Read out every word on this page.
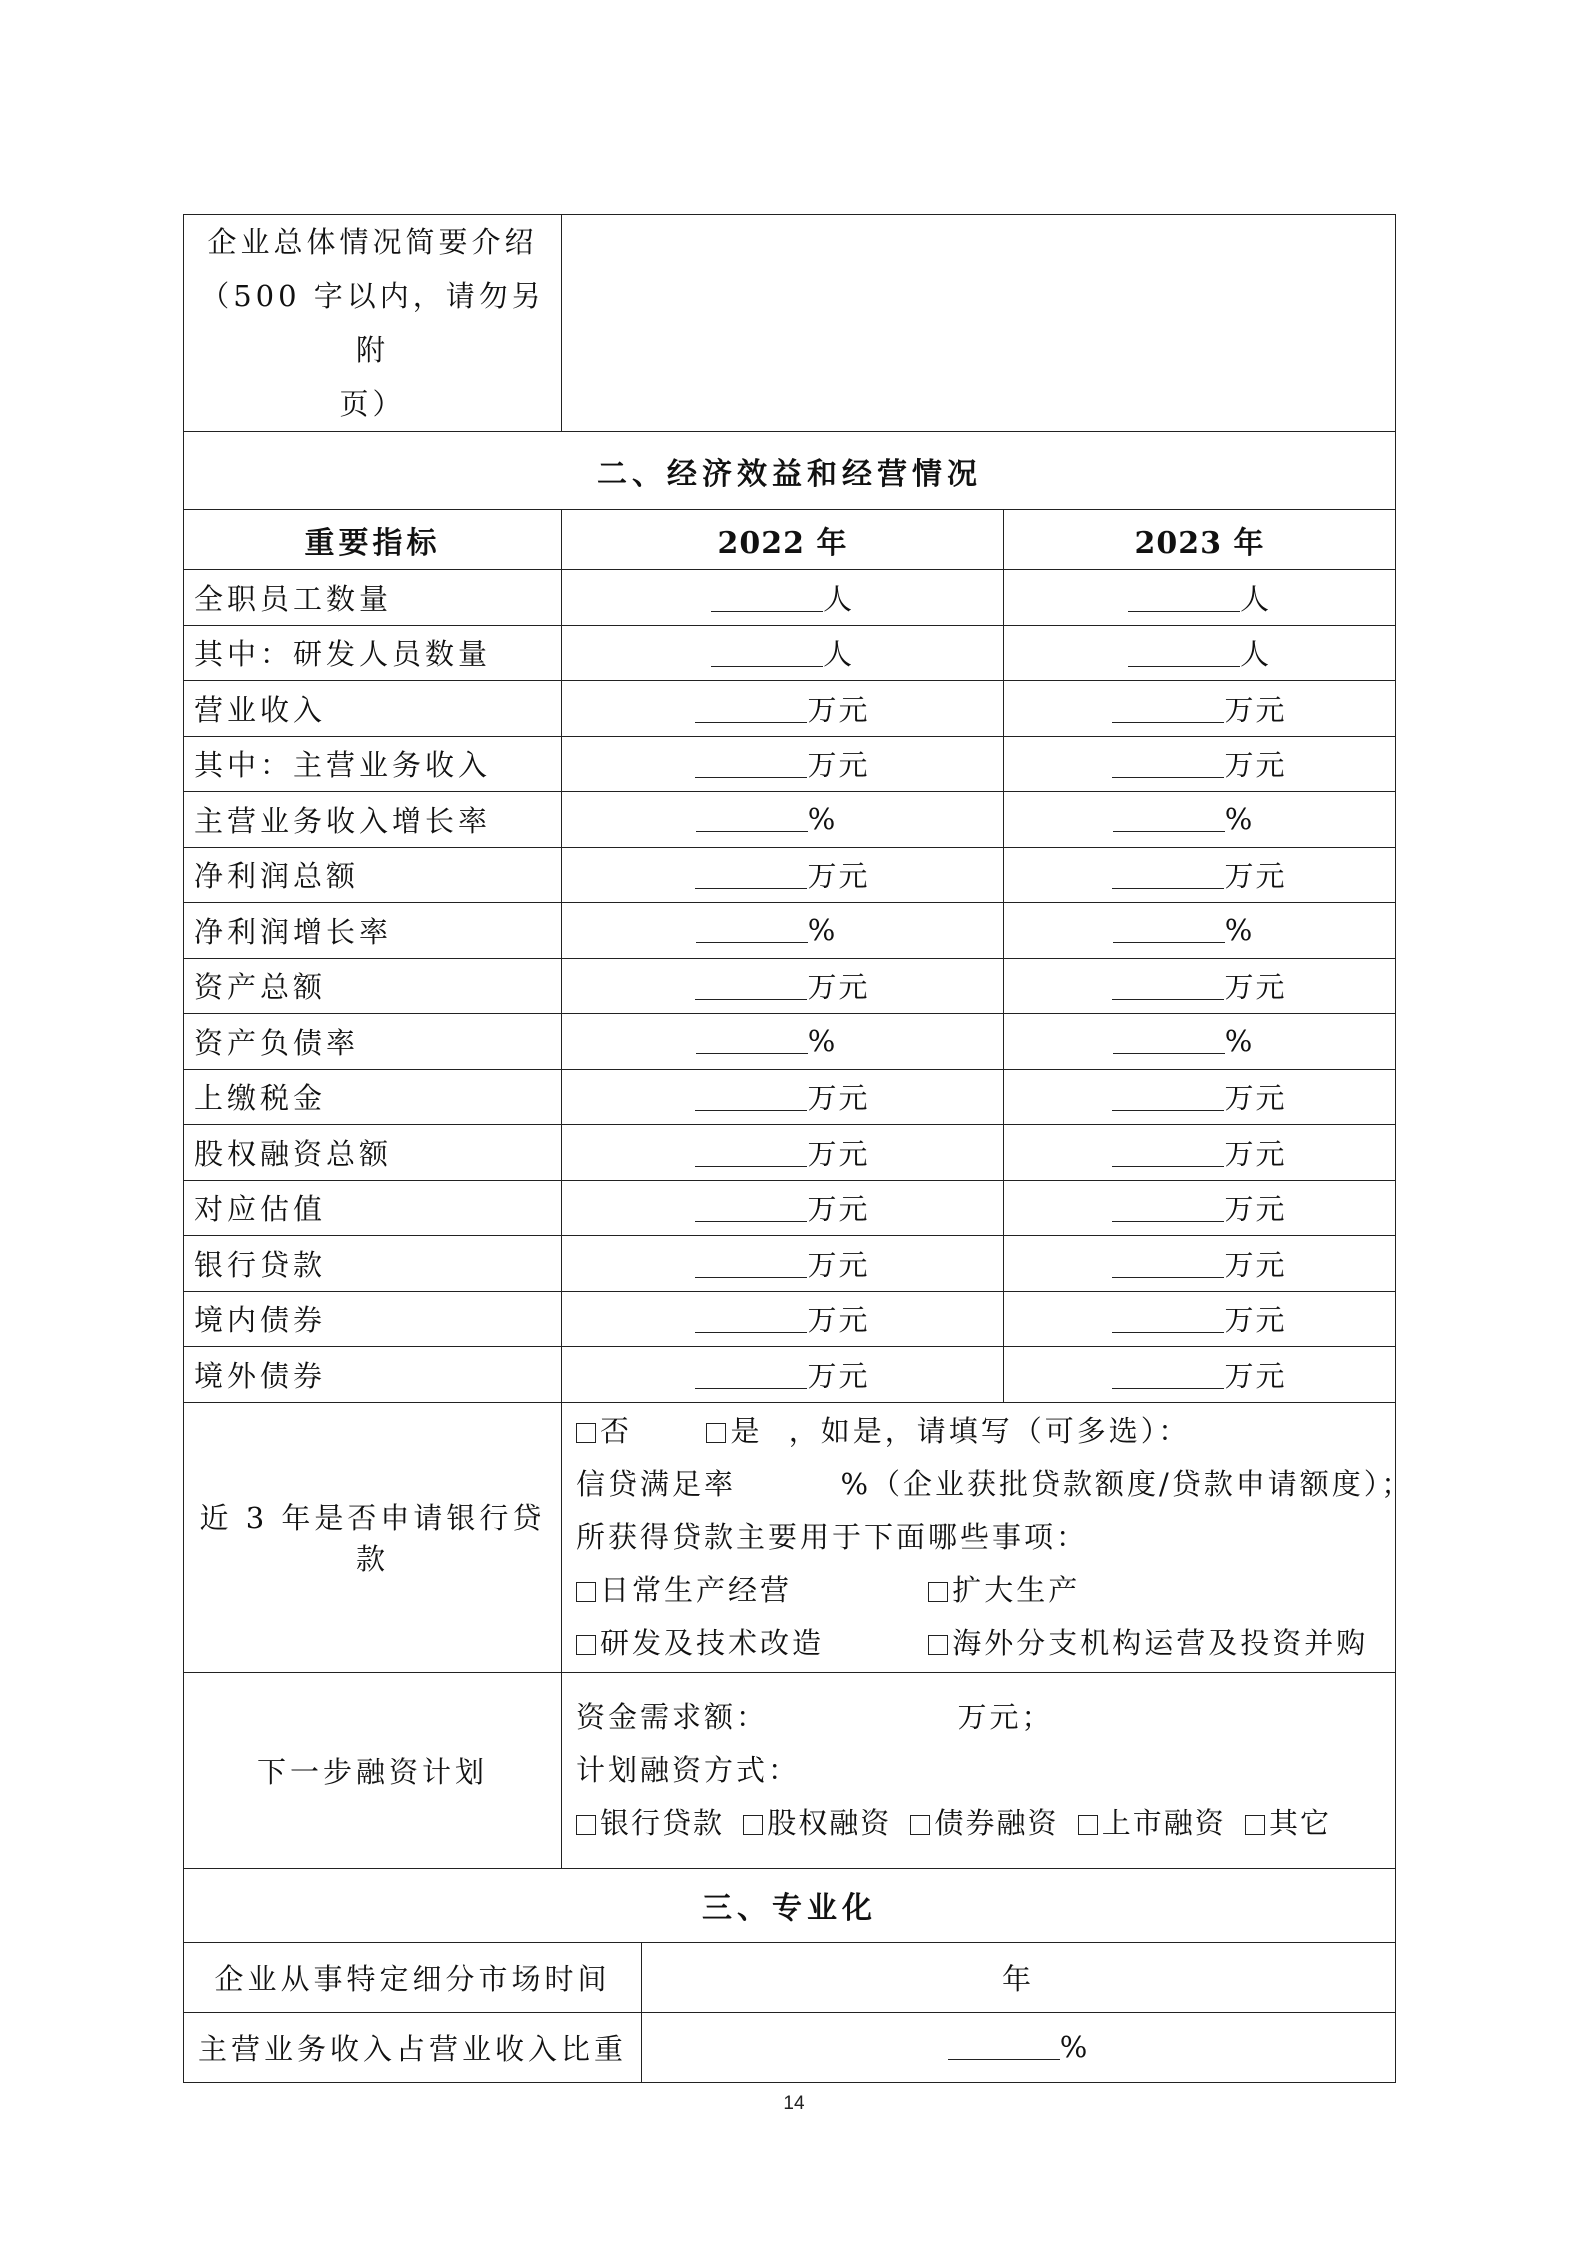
企业总体情况简要介绍
（500 字以内，请勿另附
页）			

二、经济效益和经营情况			
重要指标	2022 年		2023 年
全职员工数量	人		人
其中：研发人员数量	人		人
营业收入	万元		万元
其中：主营业务收入	万元		万元
主营业务收入增长率	%		%
净利润总额	万元		万元
净利润增长率	%		%
资产总额	万元		万元
资产负债率	%		%
上缴税金	万元		万元
股权融资总额	万元		万元
对应估值	万元		万元
银行贷款	万元		万元
境内债券	万元		万元
境外债券	万元		万元
近 3 年是否申请银行贷款	否 是 ，如是，请填写（可多选）：
信贷满足率 %（企业获批贷款额度/贷款申请额度）；
所获得贷款主要用于下面哪些事项：
日常生产经营 扩大生产
研发及技术改造 海外分支机构运营及投资并购		

下一步融资计划	资金需求额： 万元；
计划融资方式：
银行贷款 股权融资 债券融资 上市融资 其它		

三、专业化			
企业从事特定细分市场时间		年	
主营业务收入占营业收入比重		%	
14
